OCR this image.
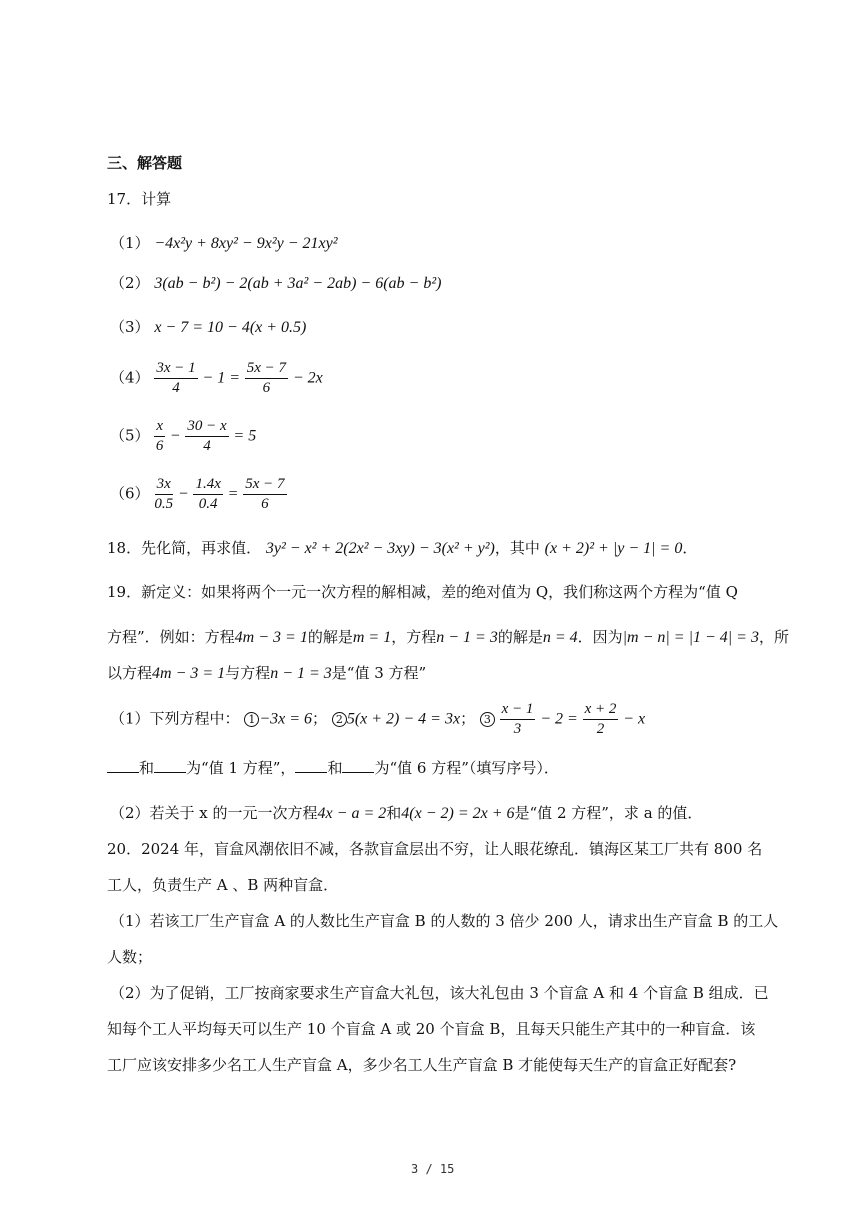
三、解答题
17．计算
（1） −4x²y + 8xy² − 9x²y − 21xy²
（2） 3(ab − b²) − 2(ab + 3a² − 2ab) − 6(ab − b²)
（3） x − 7 = 10 − 4(x + 0.5)
$(4) \frac{3x - 1}{4} - 1 = \frac{5x - 7}{6} - 2x$
$(5) \frac{x}{6} - \frac{30 - x}{4} = 5$
$(6) \frac{3x}{0.5} - \frac{1.4x}{0.4} = \frac{5x - 7}{6}$
18．先化简，再求值． 3y² − x² + 2(2x² − 3xy) − 3(x² + y²)，其中 (x + 2)² + |y − 1| = 0．
19．新定义：如果将两个一元一次方程的解相减，差的绝对值为 Q，我们称这两个方程为“值 Q
方程”．例如：方程4m − 3 = 1的解是m = 1，方程n − 1 = 3的解是n = 4．因为|m − n| = |1 − 4| = 3，所
以方程4m − 3 = 1与方程n − 1 = 3是“值 3 方程”
（1）下列方程中： 1 −3x = 6； 2 5(x + 2) − 4 = 3x； $3 \frac{x - 1}{3} - 2 = \frac{x + 2}{2} - x$
和 为“值 1 方程”， 和 为“值 6 方程”（填写序号）．
（2）若关于 x 的一元一次方程4x − a = 2和4(x − 2) = 2x + 6是“值 2 方程”，求 a 的值．
20．2024 年，盲盒风潮依旧不减，各款盲盒层出不穷，让人眼花缭乱．镇海区某工厂共有 800 名
工人，负责生产 A 、B 两种盲盒．
（1）若该工厂生产盲盒 A 的人数比生产盲盒 B 的人数的 3 倍少 200 人，请求出生产盲盒 B 的工人
人数；
（2）为了促销，工厂按商家要求生产盲盒大礼包，该大礼包由 3 个盲盒 A 和 4 个盲盒 B 组成．已
知每个工人平均每天可以生产 10 个盲盒 A 或 20 个盲盒 B，且每天只能生产其中的一种盲盒．该
工厂应该安排多少名工人生产盲盒 A，多少名工人生产盲盒 B 才能使每天生产的盲盒正好配套?
3 / 15
